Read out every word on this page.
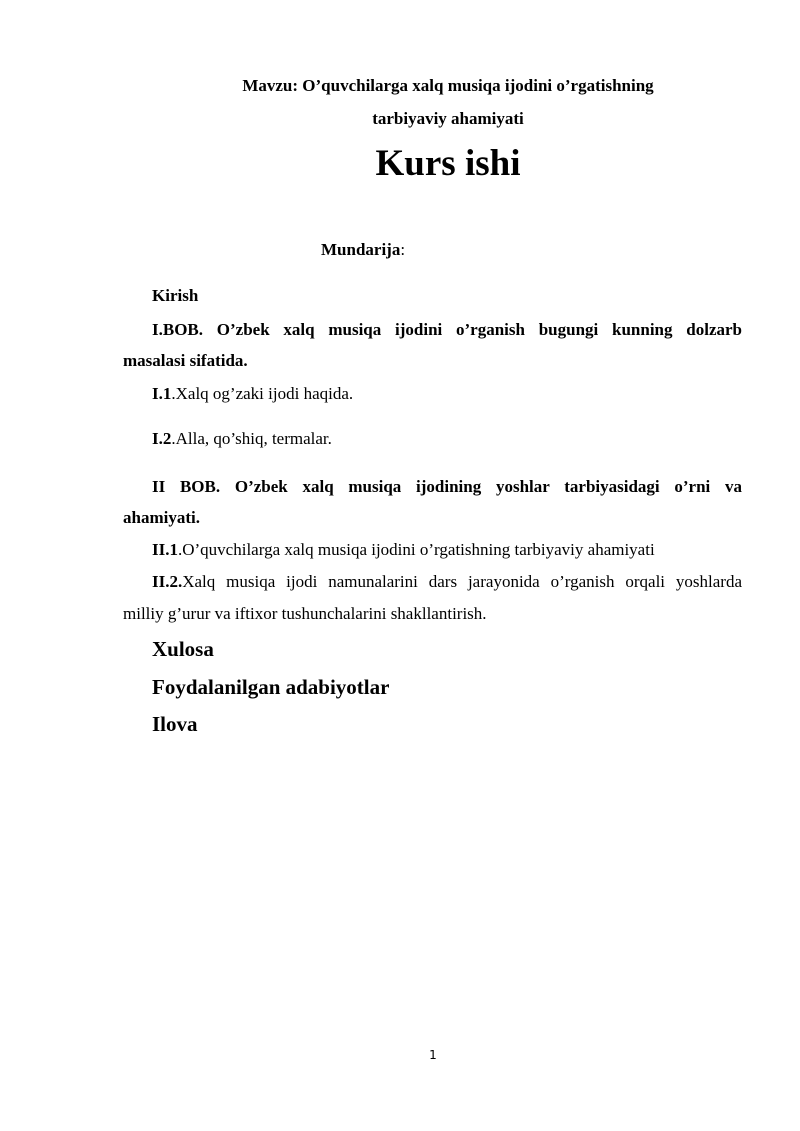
Mavzu: O’quvchilarga xalq musiqa ijodini o’rgatishning
tarbiyaviy ahamiyati
Kurs ishi
Mundarija:
Kirish
I.BOB. O’zbek xalq musiqa ijodini o’rganish bugungi kunning dolzarb
masalasi sifatida.
I.1.Xalq og’zaki ijodi haqida.
I.2.Alla, qo’shiq, termalar.
II BOB. O’zbek xalq musiqa ijodining yoshlar tarbiyasidagi o’rni va
ahamiyati.
II.1.O’quvchilarga xalq musiqa ijodini o’rgatishning tarbiyaviy ahamiyati
II.2.Xalq musiqa ijodi namunalarini dars jarayonida o’rganish orqali yoshlarda
milliy g’urur va iftixor tushunchalarini shakllantirish.
Xulosa
Foydalanilgan adabiyotlar
Ilova
1
